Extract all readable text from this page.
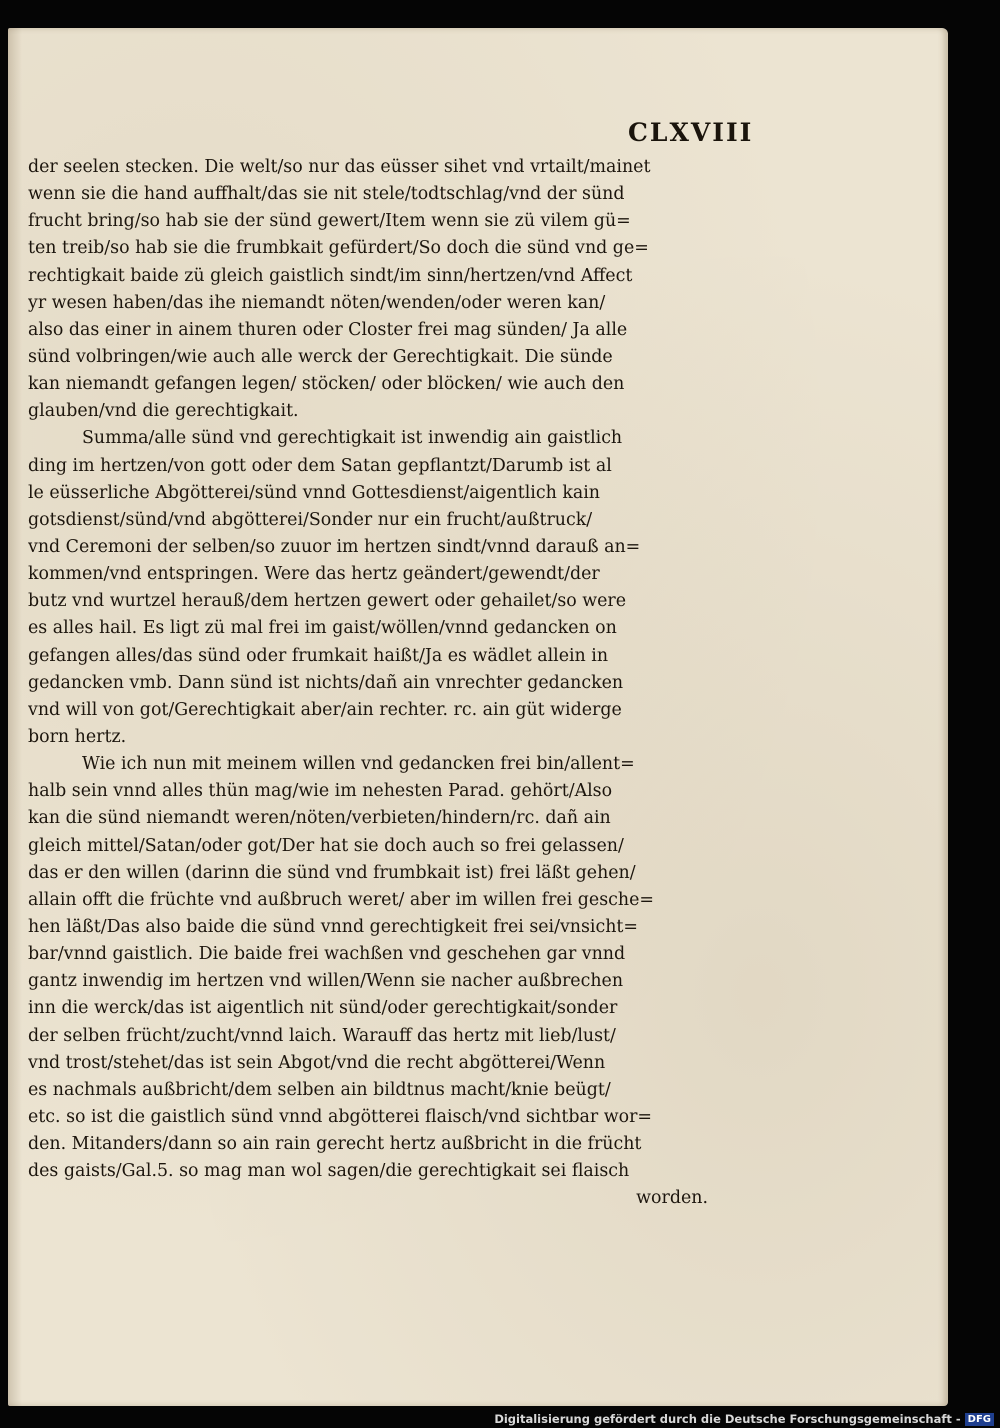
CLXVIII
der seelen stecken. Die welt/so nur das eüsser sihet vnd vrtailt/mainet
wenn sie die hand auffhalt/das sie nit stele/todtschlag/vnd der sünd
frucht bring/so hab sie der sünd gewert/Item wenn sie zü vilem gü=
ten treib/so hab sie die frumbkait gefürdert/So doch die sünd vnd ge=
rechtigkait baide zü gleich gaistlich sindt/im sinn/hertzen/vnd Affect
yr wesen haben/das ihe niemandt nöten/wenden/oder weren kan/
also das einer in ainem thuren oder Closter frei mag sünden/ Ja alle
sünd volbringen/wie auch alle werck der Gerechtigkait. Die sünde
kan niemandt gefangen legen/ stöcken/ oder blöcken/ wie auch den
glauben/vnd die gerechtigkait.
Summa/alle sünd vnd gerechtigkait ist inwendig ain gaistlich
ding im hertzen/von gott oder dem Satan gepflantzt/Darumb ist al
le eüsserliche Abgötterei/sünd vnnd Gottesdienst/aigentlich kain
gotsdienst/sünd/vnd abgötterei/Sonder nur ein frucht/außtruck/
vnd Ceremoni der selben/so zuuor im hertzen sindt/vnnd darauß an=
kommen/vnd entspringen. Were das hertz geändert/gewendt/der
butz vnd wurtzel herauß/dem hertzen gewert oder gehailet/so were
es alles hail. Es ligt zü mal frei im gaist/wöllen/vnnd gedancken on
gefangen alles/das sünd oder frumkait haißt/Ja es wädlet allein in
gedancken vmb. Dann sünd ist nichts/dañ ain vnrechter gedancken
vnd will von got/Gerechtigkait aber/ain rechter. rc. ain güt widerge
born hertz.
Wie ich nun mit meinem willen vnd gedancken frei bin/allent=
halb sein vnnd alles thün mag/wie im nehesten Parad. gehört/Also
kan die sünd niemandt weren/nöten/verbieten/hindern/rc. dañ ain
gleich mittel/Satan/oder got/Der hat sie doch auch so frei gelassen/
das er den willen (darinn die sünd vnd frumbkait ist) frei läßt gehen/
allain offt die früchte vnd außbruch weret/ aber im willen frei gesche=
hen läßt/Das also baide die sünd vnnd gerechtigkeit frei sei/vnsicht=
bar/vnnd gaistlich. Die baide frei wachßen vnd geschehen gar vnnd
gantz inwendig im hertzen vnd willen/Wenn sie nacher außbrechen
inn die werck/das ist aigentlich nit sünd/oder gerechtigkait/sonder
der selben frücht/zucht/vnnd laich. Warauff das hertz mit lieb/lust/
vnd trost/stehet/das ist sein Abgot/vnd die recht abgötterei/Wenn
es nachmals außbricht/dem selben ain bildtnus macht/knie beügt/
etc. so ist die gaistlich sünd vnnd abgötterei flaisch/vnd sichtbar wor=
den. Mitanders/dann so ain rain gerecht hertz außbricht in die frücht
des gaists/Gal.5. so mag man wol sagen/die gerechtigkait sei flaisch
worden.
Digitalisierung gefördert durch die Deutsche Forschungsgemeinschaft - DFG
